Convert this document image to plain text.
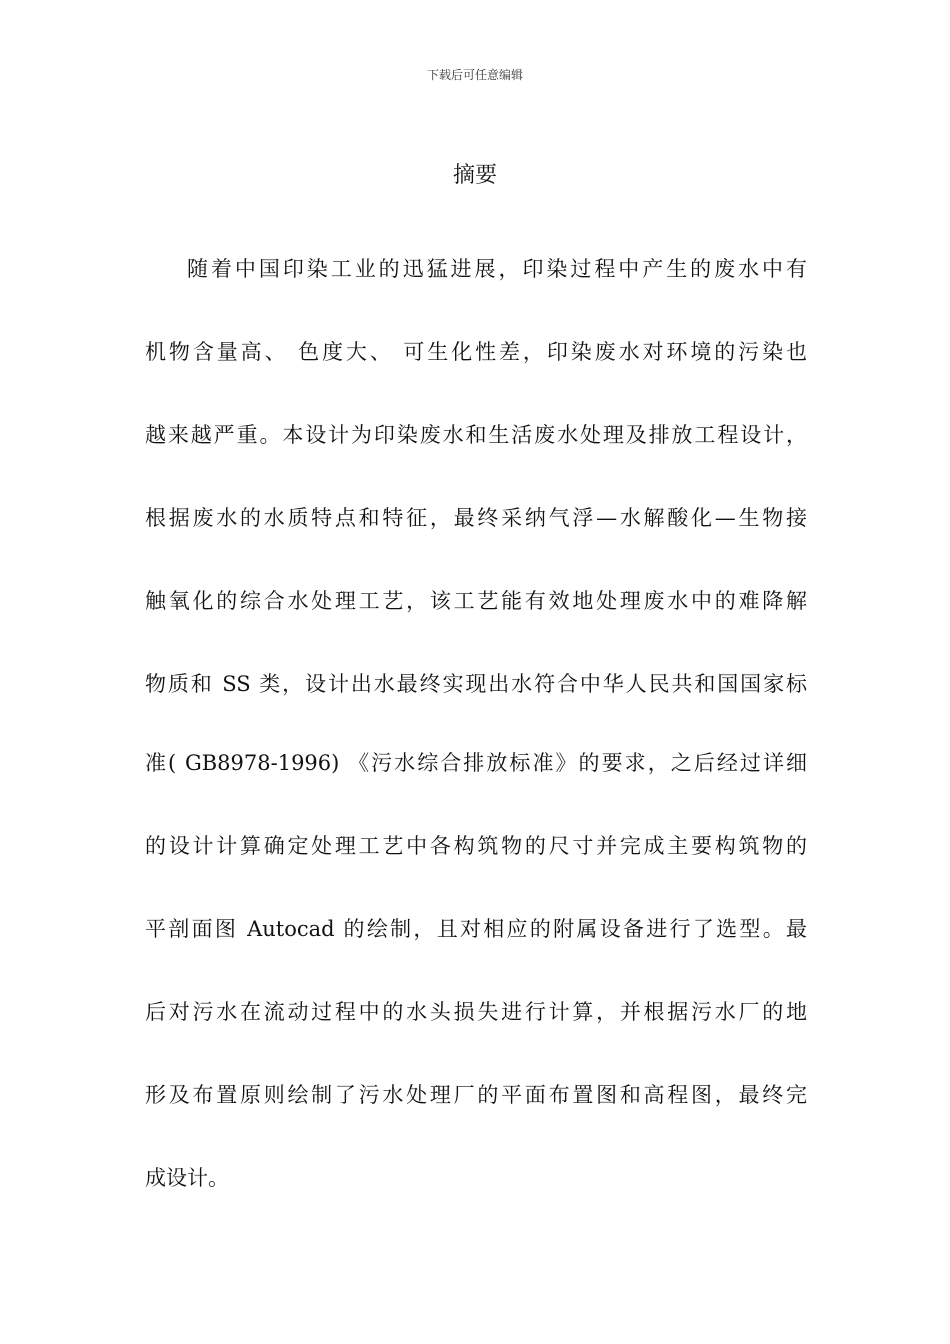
下载后可任意编辑
摘要
随着中国印染工业的迅猛进展，印染过程中产生的废水中有
机物含量高、 色度大、 可生化性差，印染废水对环境的污染也
越来越严重。本设计为印染废水和生活废水处理及排放工程设计，
根据废水的水质特点和特征，最终采纳气浮—水解酸化—生物接
触氧化的综合水处理工艺，该工艺能有效地处理废水中的难降解
物质和 SS 类，设计出水最终实现出水符合中华人民共和国国家标
准( GB8978-1996) 《污水综合排放标准》的要求，之后经过详细
的设计计算确定处理工艺中各构筑物的尺寸并完成主要构筑物的
平剖面图 Autocad 的绘制，且对相应的附属设备进行了选型。最
后对污水在流动过程中的水头损失进行计算，并根据污水厂的地
形及布置原则绘制了污水处理厂的平面布置图和高程图，最终完
成设计。
